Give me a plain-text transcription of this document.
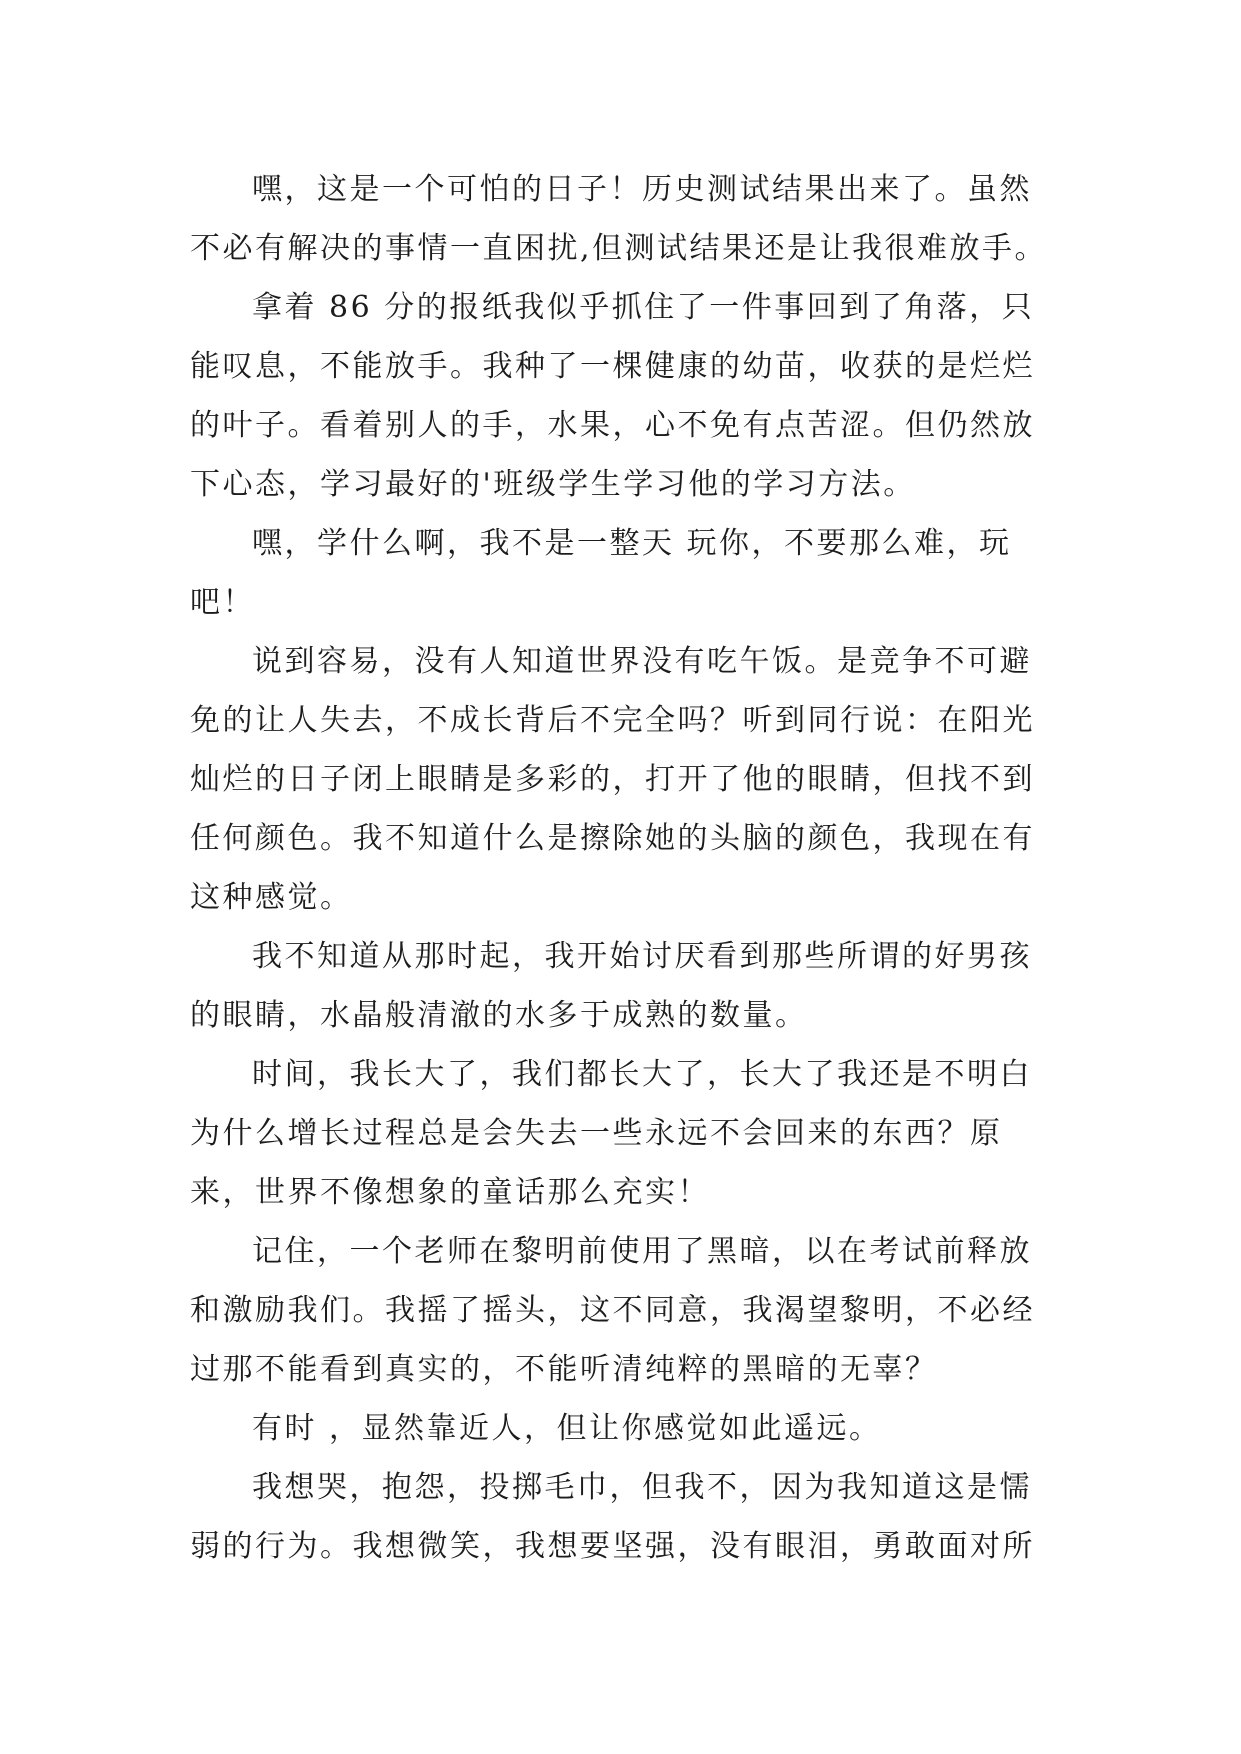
嘿，这是一个可怕的日子！历史测试结果出来了。虽然
不必有解决的事情一直困扰,但测试结果还是让我很难放手。

拿着 86 分的报纸我似乎抓住了一件事回到了角落，只
能叹息，不能放手。我种了一棵健康的幼苗，收获的是烂烂
的叶子。看着别人的手，水果，心不免有点苦涩。但仍然放
下心态，学习最好的'班级学生学习他的学习方法。

嘿，学什么啊，我不是一整天 玩你，不要那么难，玩
吧！

说到容易，没有人知道世界没有吃午饭。是竞争不可避
免的让人失去，不成长背后不完全吗？听到同行说：在阳光
灿烂的日子闭上眼睛是多彩的，打开了他的眼睛，但找不到
任何颜色。我不知道什么是擦除她的头脑的颜色，我现在有
这种感觉。

我不知道从那时起，我开始讨厌看到那些所谓的好男孩
的眼睛，水晶般清澈的水多于成熟的数量。

时间，我长大了，我们都长大了，长大了我还是不明白
为什么增长过程总是会失去一些永远不会回来的东西？原
来，世界不像想象的童话那么充实！

记住，一个老师在黎明前使用了黑暗，以在考试前释放
和激励我们。我摇了摇头，这不同意，我渴望黎明，不必经
过那不能看到真实的，不能听清纯粹的黑暗的无辜？

有时 ，显然靠近人，但让你感觉如此遥远。

我想哭，抱怨，投掷毛巾，但我不，因为我知道这是懦
弱的行为。我想微笑，我想要坚强，没有眼泪，勇敢面对所
